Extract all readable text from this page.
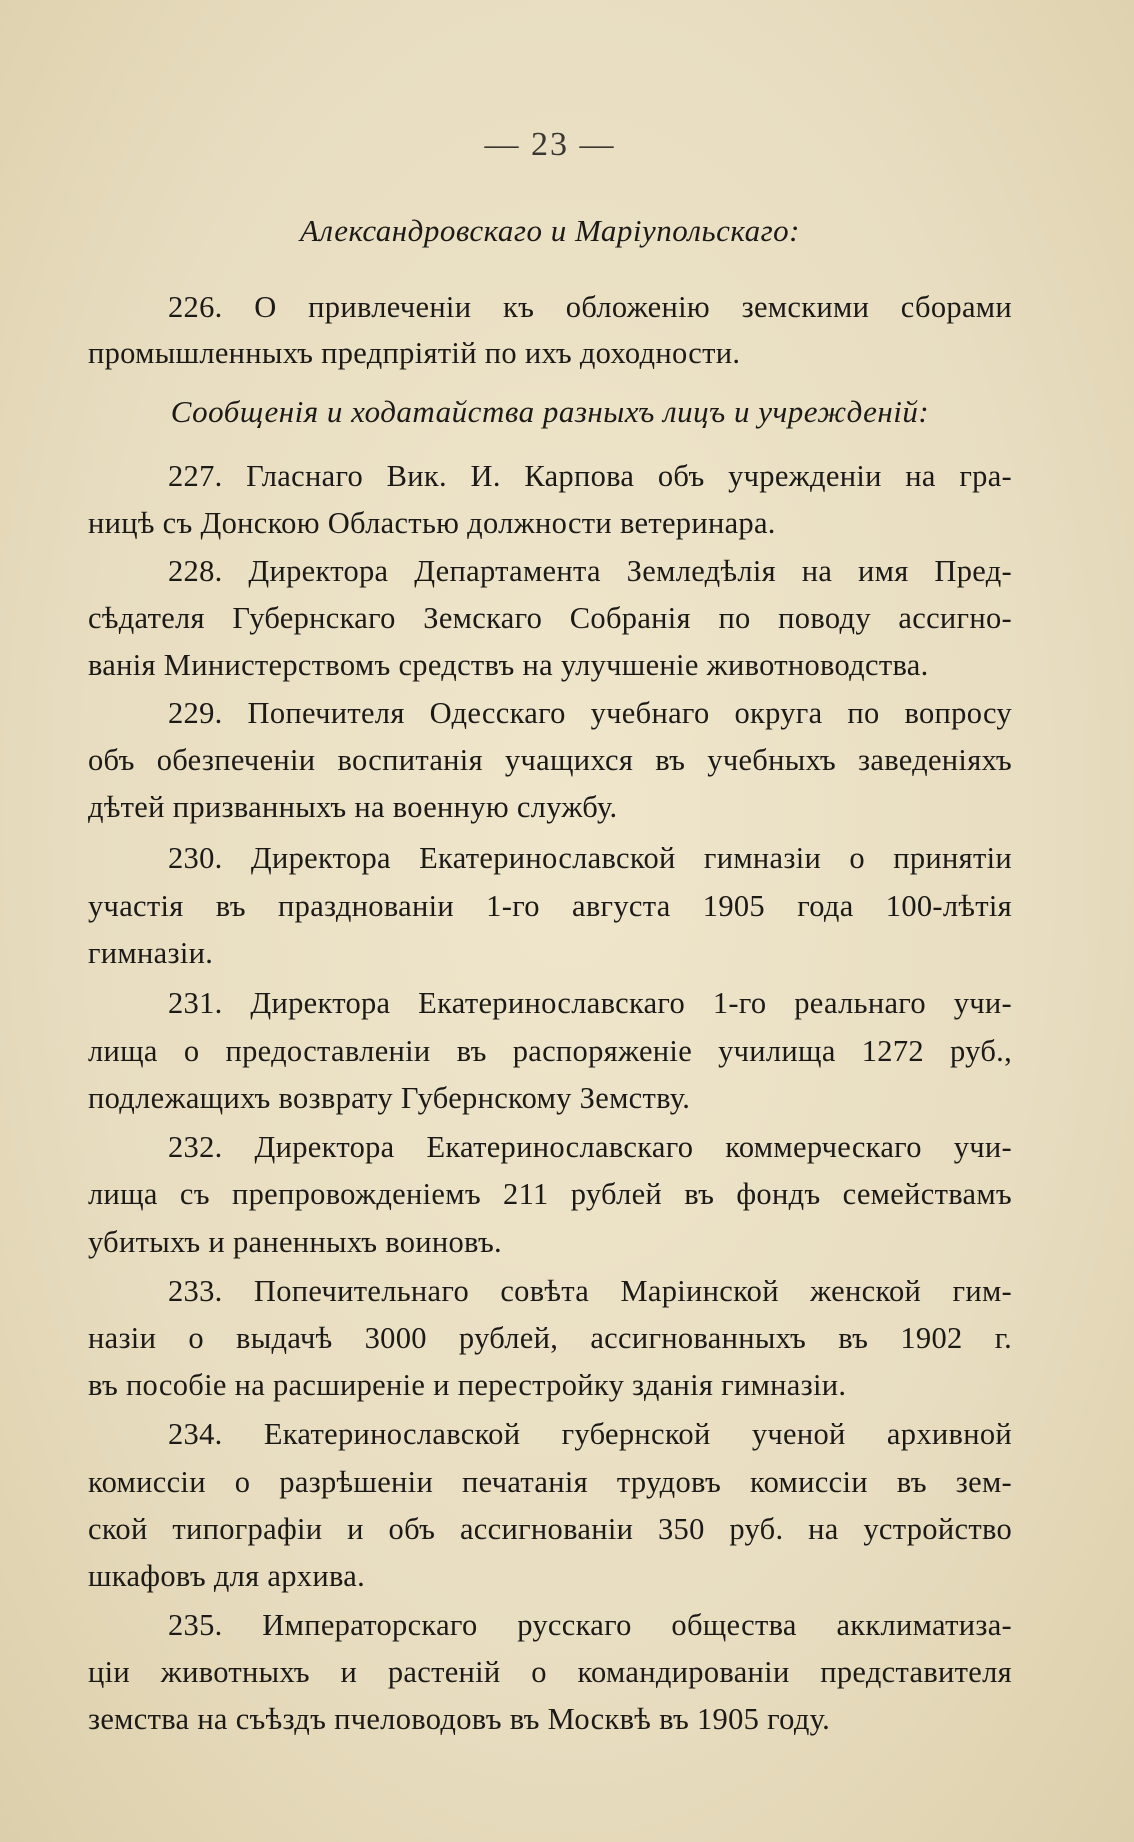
— 23 —
Александровскаго и Маріупольскаго:
226. О привлеченіи къ обложенію земскими сборами
промышленныхъ предпріятій по ихъ доходности.
Сообщенія и ходатайства разныхъ лицъ и учрежденій:
227. Гласнаго Вик. И. Карпова объ учрежденіи на гра-
ницѣ съ Донскою Областью должности ветеринара.
228. Директора Департамента Земледѣлія на имя Пред-
сѣдателя Губернскаго Земскаго Собранія по поводу ассигно-
ванія Министерствомъ средствъ на улучшеніе животноводства.
229. Попечителя Одесскаго учебнаго округа по вопросу
объ обезпеченіи воспитанія учащихся въ учебныхъ заведеніяхъ
дѣтей призванныхъ на военную службу.
230. Директора Екатеринославской гимназіи о принятіи
участія въ празднованіи 1-го августа 1905 года 100-лѣтія
гимназіи.
231. Директора Екатеринославскаго 1-го реальнаго учи-
лища о предоставленіи въ распоряженіе училища 1272 руб.,
подлежащихъ возврату Губернскому Земству.
232. Директора Екатеринославскаго коммерческаго учи-
лища съ препровожденіемъ 211 рублей въ фондъ семействамъ
убитыхъ и раненныхъ воиновъ.
233. Попечительнаго совѣта Маріинской женской гим-
назіи о выдачѣ 3000 рублей, ассигнованныхъ въ 1902 г.
въ пособіе на расширеніе и перестройку зданія гимназіи.
234. Екатеринославской губернской ученой архивной
комиссіи о разрѣшеніи печатанія трудовъ комиссіи въ зем-
ской типографіи и объ ассигнованіи 350 руб. на устройство
шкафовъ для архива.
235. Императорскаго русскаго общества акклиматиза-
ціи животныхъ и растеній о командированіи представителя
земства на съѣздъ пчеловодовъ въ Москвѣ въ 1905 году.
